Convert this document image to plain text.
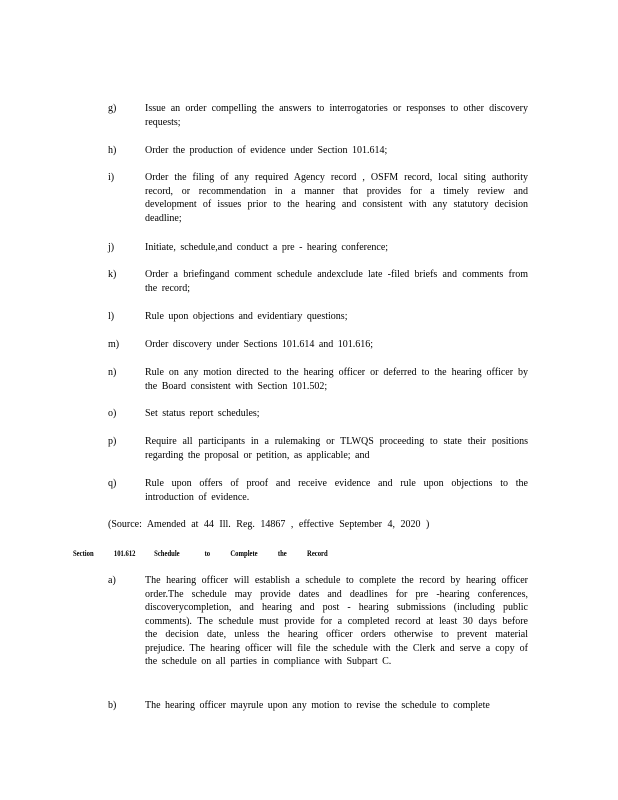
g)	Issue an order compelling the answers to interrogatories or responses to other discovery requests;
h)	Order the production of evidence under Section 101.614;
i)	Order the filing of any required Agency record , OSFM record, local siting authority record, or recommendation in a manner that provides for a timely review and development of issues prior to the hearing and consistent with any statutory decision deadline;
j)	Initiate, schedule,and conduct a pre - hearing conference;
k)	Order a briefingand comment schedule andexclude late -filed briefs and comments from the record;
l)	Rule upon objections and evidentiary questions;
m)	Order discovery under Sections 101.614 and 101.616;
n)	Rule on any motion directed to the hearing officer or deferred to the hearing officer by the Board consistent with Section 101.502;
o)	Set status report schedules;
p)	Require all participants in a rulemaking or TLWQS proceeding to state their positions regarding the proposal or petition, as applicable; and
q)	Rule upon offers of proof and receive evidence and rule upon objections to the introduction of evidence.
(Source: Amended at 44 Ill. Reg. 14867 , effective September 4, 2020 )
Section 101.612 Schedule	to Complete the Record
a)	The hearing officer will establish a schedule to complete the record by hearing officer order.The schedule may provide dates and deadlines for pre -hearing conferences, discoverycompletion, and hearing and post - hearing submissions (including public comments). The schedule must provide for a completed record at least 30 days before the decision date, unless the hearing officer orders otherwise to prevent material prejudice. The hearing officer will file the schedule with the Clerk and serve a copy of the schedule on all parties in compliance with Subpart C.
b)	The hearing officer mayrule upon any motion to revise the schedule to complete
